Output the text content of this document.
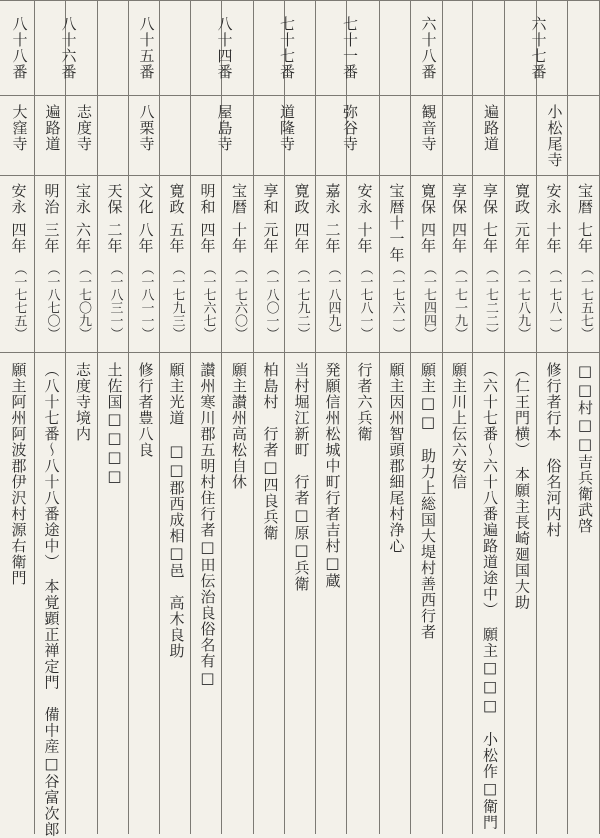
六十七番
六十八番
七十一番
七十七番
八十四番
八十五番
八十六番
八十八番
小松尾寺
遍路道
観音寺
弥谷寺
道隆寺
屋島寺
八栗寺
志度寺
遍路道
大窪寺
宝暦
七年
（一七五七）
□□村□□吉兵衛武啓
安永
十年
（一七八一）
修行者行本　俗名河内村
寛政
元年
（一七八九）
（仁王門横）　本願主長崎廻国大助
享保
七年
（一七二二）
（六十七番～六十八番遍路道途中）　願主□□□　小松作□衛門
享保
四年
（一七一九）
願主川上伝六安信
寛保
四年
（一七四四）
願主□□　助力上総国大堤村善西行者
宝暦十一年
（一七六一）
願主因州智頭郡細尾村浄心
安永
十年
（一七八一）
行者六兵衛
嘉永
二年
（一八四九）
発願信州松城中町行者吉村□蔵
寛政
四年
（一七九二）
当村堀江新町　行者□原□兵衛
享和
元年
（一八〇一）
柏島村　行者□四良兵衛
宝暦
十年
（一七六〇）
願主讃州高松自休
明和
四年
（一七六七）
讃州寒川郡五明村住行者□田伝治良俗名有□
寛政
五年
（一七九三）
願主光道　□□郡西成相□邑　高木良助
文化
八年
（一八一一）
修行者豊八良
天保
二年
（一八三一）
土佐国□□□□
宝永
六年
（一七〇九）
志度寺境内
明治
三年
（一八七〇）
（八十七番～八十八番途中）　本覚顕正禅定門　備中産□谷富次郎
安永
四年
（一七七五）
願主阿州阿波郡伊沢村源右衛門
